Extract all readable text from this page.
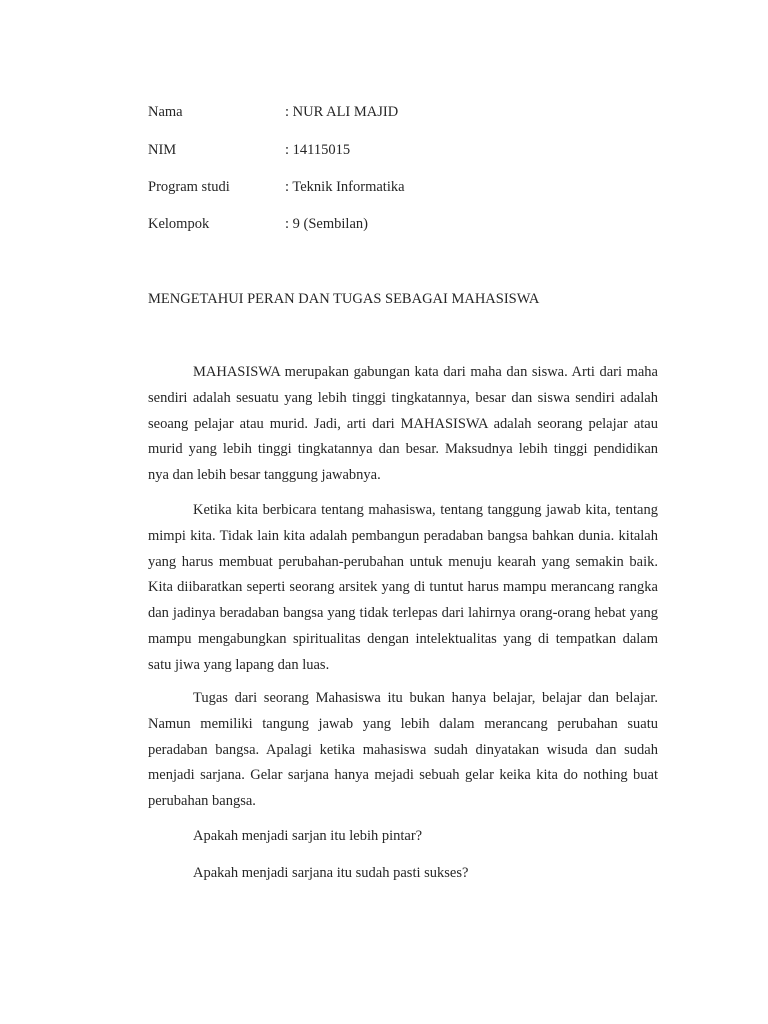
Nama	: NUR ALI MAJID
NIM	: 14115015
Program studi	: Teknik Informatika
Kelompok	: 9 (Sembilan)
MENGETAHUI PERAN DAN TUGAS SEBAGAI MAHASISWA

MAHASISWA merupakan gabungan kata dari maha dan siswa. Arti dari maha sendiri adalah sesuatu yang lebih tinggi tingkatannya, besar dan siswa sendiri adalah seoang pelajar atau murid. Jadi, arti dari MAHASISWA adalah seorang pelajar atau murid yang lebih tinggi tingkatannya dan besar. Maksudnya lebih tinggi pendidikan nya dan lebih besar tanggung jawabnya.

Ketika kita berbicara tentang mahasiswa, tentang tanggung jawab kita, tentang mimpi kita. Tidak lain kita adalah pembangun peradaban bangsa bahkan dunia. kitalah yang harus membuat perubahan-perubahan untuk menuju kearah yang semakin baik. Kita diibaratkan seperti seorang arsitek yang di tuntut harus mampu merancang rangka dan jadinya beradaban bangsa yang tidak terlepas dari lahirnya orang-orang hebat yang mampu mengabungkan spiritualitas dengan intelektualitas yang di tempatkan dalam satu jiwa yang lapang dan luas.

Tugas dari seorang Mahasiswa itu bukan hanya belajar, belajar dan belajar. Namun memiliki tangung jawab yang lebih dalam merancang perubahan suatu peradaban bangsa. Apalagi ketika mahasiswa sudah dinyatakan wisuda dan sudah menjadi sarjana. Gelar sarjana hanya mejadi sebuah gelar keika kita do nothing buat perubahan bangsa.

Apakah menjadi sarjan itu lebih pintar?

Apakah menjadi sarjana itu sudah pasti sukses?
